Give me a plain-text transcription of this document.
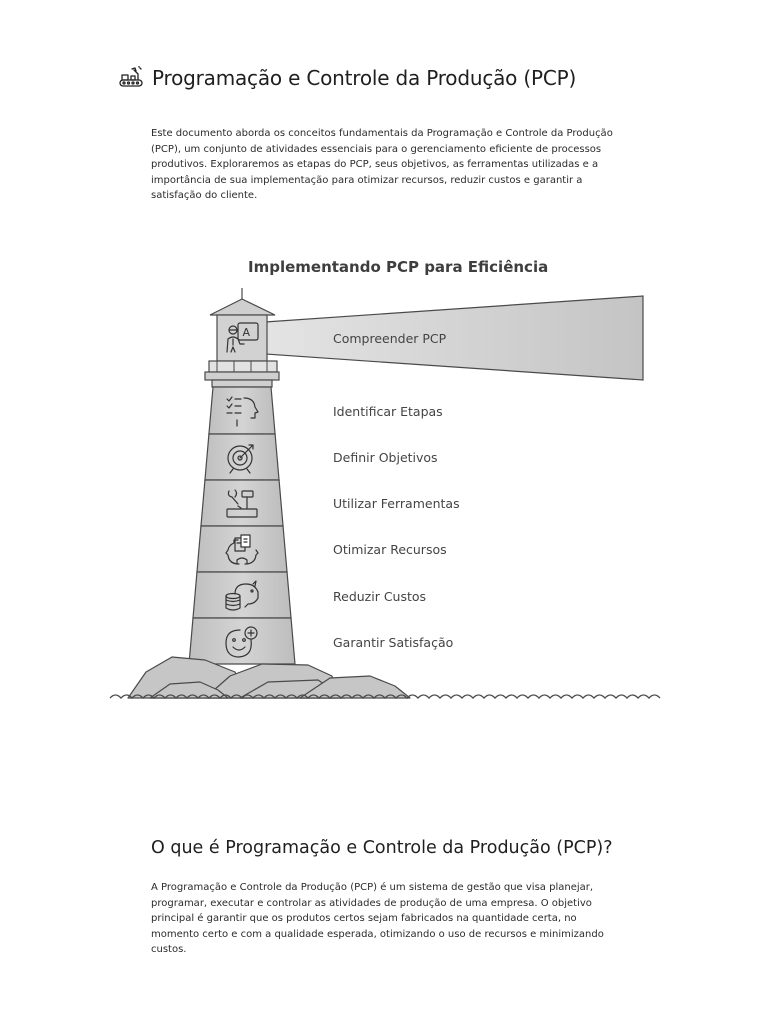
Programação e Controle da Produção (PCP)

Este documento aborda os conceitos fundamentais da Programação e Controle da Produção (PCP), um conjunto de atividades essenciais para o gerenciamento eficiente de processos produtivos. Exploraremos as etapas do PCP, seus objetivos, as ferramentas utilizadas e a importância de sua implementação para otimizar recursos, reduzir custos e garantir a satisfação do cliente.

Implementando PCP para Eficiência
A	Compreender PCP
Identificar Etapas
Definir Objetivos
Utilizar Ferramentas
Otimizar Recursos
Reduzir Custos
Garantir Satisfação
O que é Programação e Controle da Produção (PCP)?

A Programação e Controle da Produção (PCP) é um sistema de gestão que visa planejar, programar, executar e controlar as atividades de produção de uma empresa. O objetivo principal é garantir que os produtos certos sejam fabricados na quantidade certa, no momento certo e com a qualidade esperada, otimizando o uso de recursos e minimizando custos.
